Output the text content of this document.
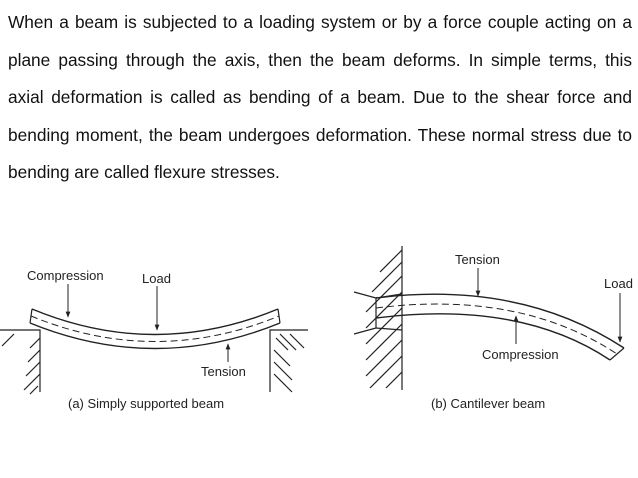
When a beam is subjected to a loading system or by a force couple acting on a plane passing through the axis, then the beam deforms. In simple terms, this axial deformation is called as bending of a beam. Due to the shear force and bending moment, the beam undergoes deformation. These normal stress due to bending are called flexure stresses.

Compression	Load
Tension
(a) Simply supported beam
Tension
Load
Compression
(b) Cantilever beam
